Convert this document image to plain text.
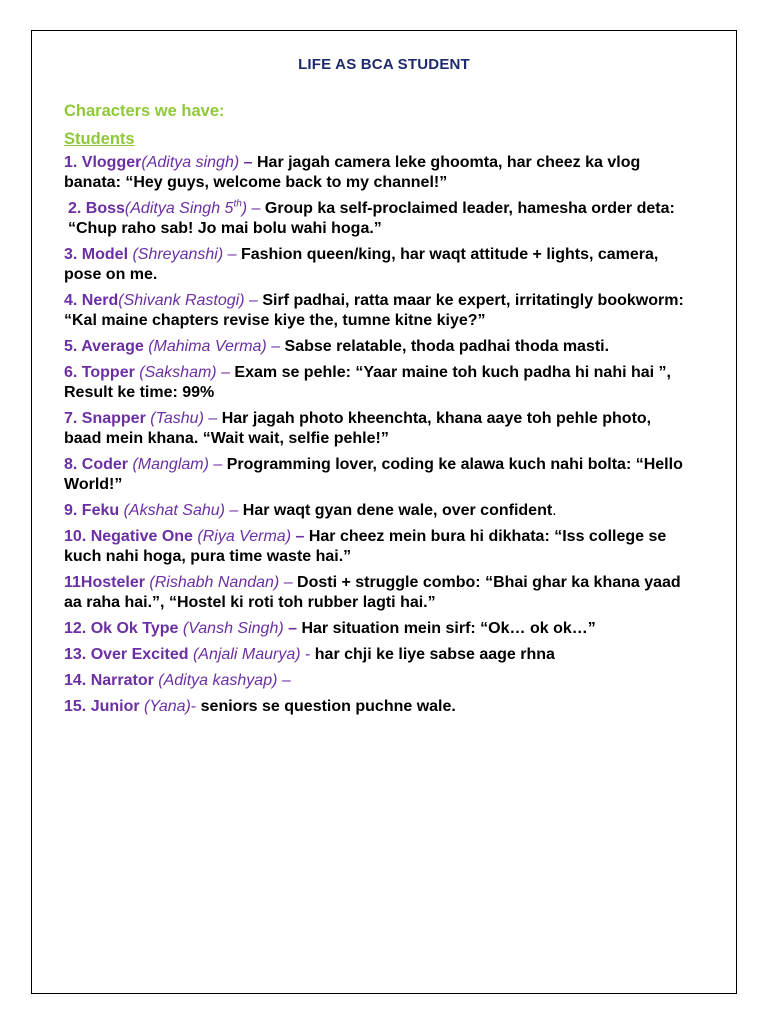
LIFE AS BCA STUDENT
Characters we have:
Students
1. Vlogger(Aditya singh) – Har jagah camera leke ghoomta, har cheez ka vlog banata: “Hey guys, welcome back to my channel!”
2. Boss(Aditya Singh 5th) – Group ka self-proclaimed leader, hamesha order deta: “Chup raho sab! Jo mai bolu wahi hoga.”
3. Model (Shreyanshi) – Fashion queen/king, har waqt attitude + lights, camera, pose on me.
4. Nerd(Shivank Rastogi) – Sirf padhai, ratta maar ke expert, irritatingly bookworm: “Kal maine chapters revise kiye the, tumne kitne kiye?”
5. Average (Mahima Verma) – Sabse relatable, thoda padhai thoda masti.
6. Topper (Saksham) – Exam se pehle: “Yaar maine toh kuch padha hi nahi hai ”, Result ke time: 99%
7. Snapper (Tashu) – Har jagah photo kheenchta, khana aaye toh pehle photo, baad mein khana. “Wait wait, selfie pehle!”
8. Coder (Manglam) – Programming lover, coding ke alawa kuch nahi bolta: “Hello World!”
9. Feku (Akshat Sahu) – Har waqt gyan dene wale, over confident.
10. Negative One (Riya Verma) – Har cheez mein bura hi dikhata: “Iss college se kuch nahi hoga, pura time waste hai.”
11Hosteler (Rishabh Nandan) – Dosti + struggle combo: “Bhai ghar ka khana yaad aa raha hai.”, “Hostel ki roti toh rubber lagti hai.”
12. Ok Ok Type (Vansh Singh) – Har situation mein sirf: “Ok… ok ok…”
13. Over Excited (Anjali Maurya) - har chji ke liye sabse aage rhna
14. Narrator (Aditya kashyap) –
15. Junior (Yana)- seniors se question puchne wale.
